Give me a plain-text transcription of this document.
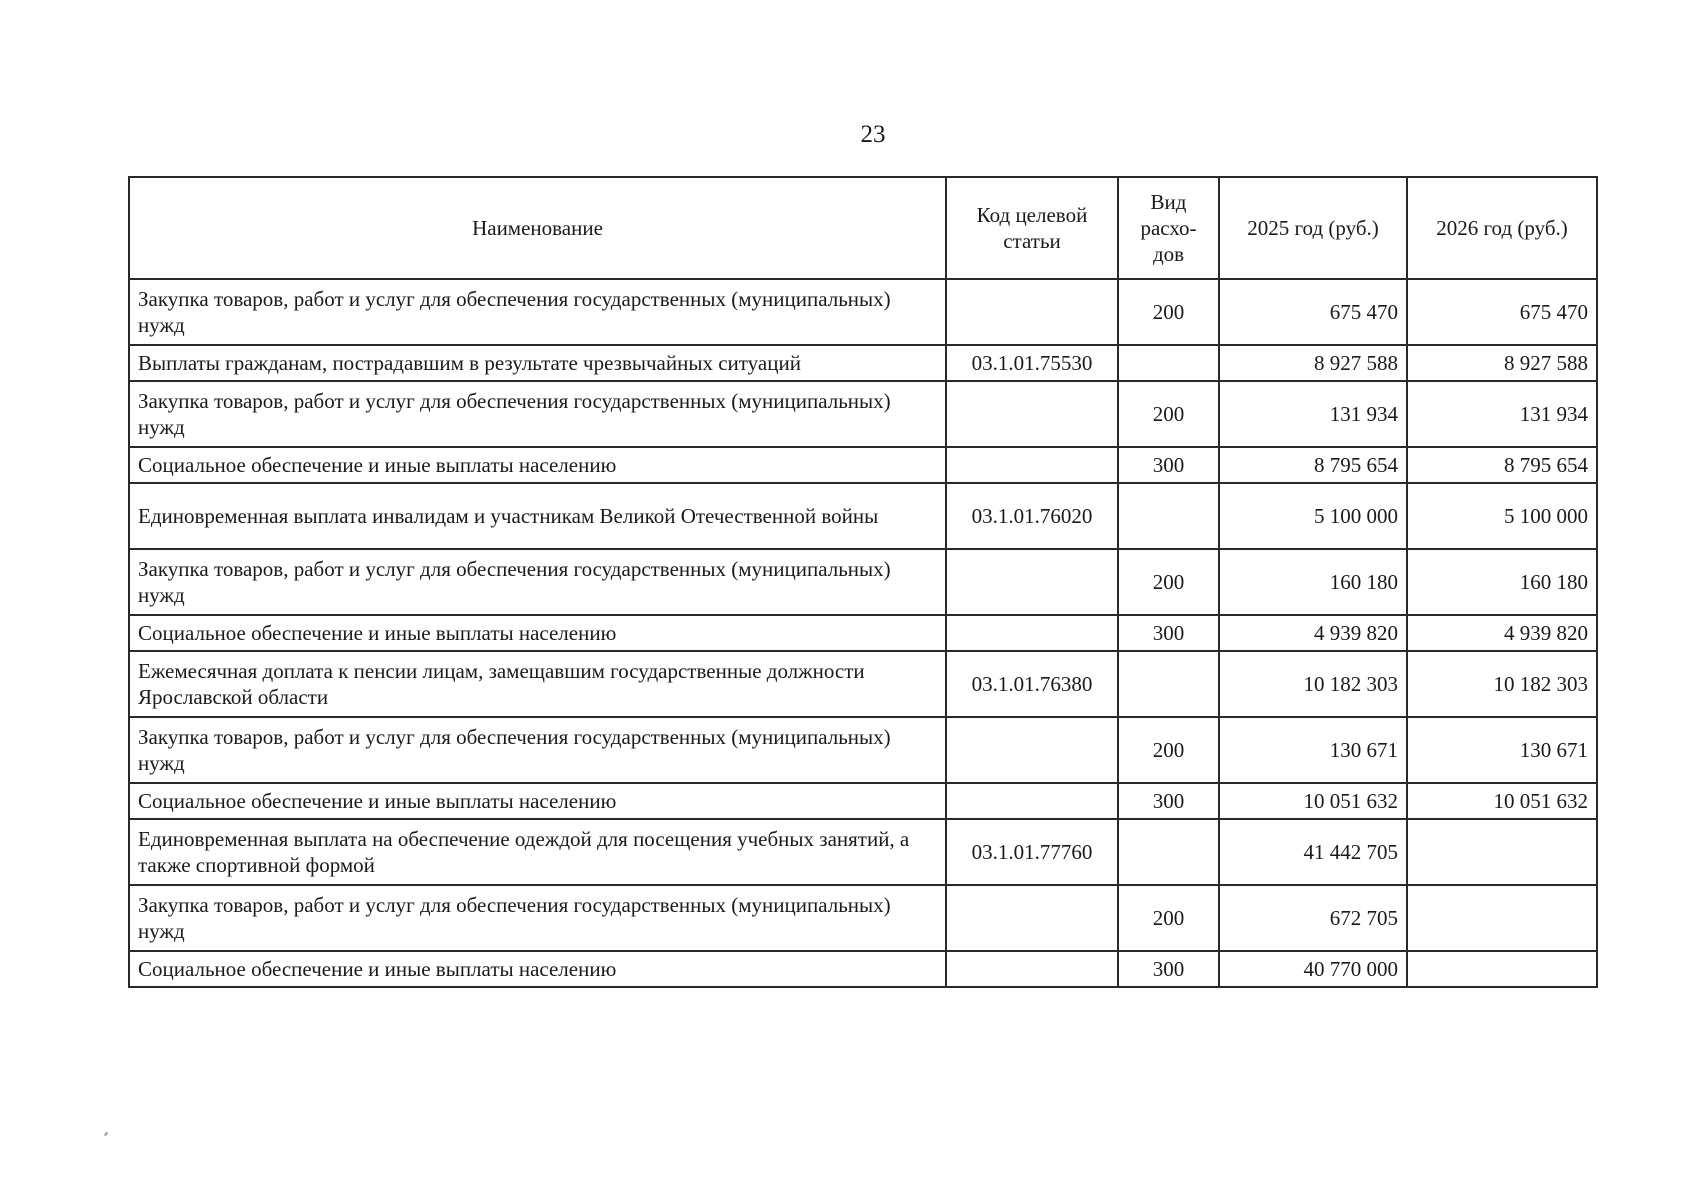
23
Наименование	Код целевой статьи	Вид расхо-дов	2025 год (руб.)	2026 год (руб.)
Закупка товаров, работ и услуг для обеспечения государственных (муниципальных) нужд		200	675 470	675 470
Выплаты гражданам, пострадавшим в результате чрезвычайных ситуаций	03.1.01.75530		8 927 588	8 927 588
Закупка товаров, работ и услуг для обеспечения государственных (муниципальных) нужд		200	131 934	131 934
Социальное обеспечение и иные выплаты населению		300	8 795 654	8 795 654
Единовременная выплата инвалидам и участникам Великой Отечественной войны	03.1.01.76020		5 100 000	5 100 000
Закупка товаров, работ и услуг для обеспечения государственных (муниципальных) нужд		200	160 180	160 180
Социальное обеспечение и иные выплаты населению		300	4 939 820	4 939 820
Ежемесячная доплата к пенсии лицам, замещавшим государственные должности Ярославской области	03.1.01.76380		10 182 303	10 182 303
Закупка товаров, работ и услуг для обеспечения государственных (муниципальных) нужд		200	130 671	130 671
Социальное обеспечение и иные выплаты населению		300	10 051 632	10 051 632
Единовременная выплата на обеспечение одеждой для посещения учебных занятий, а также спортивной формой	03.1.01.77760		41 442 705	
Закупка товаров, работ и услуг для обеспечения государственных (муниципальных) нужд		200	672 705	
Социальное обеспечение и иные выплаты населению		300	40 770 000	
